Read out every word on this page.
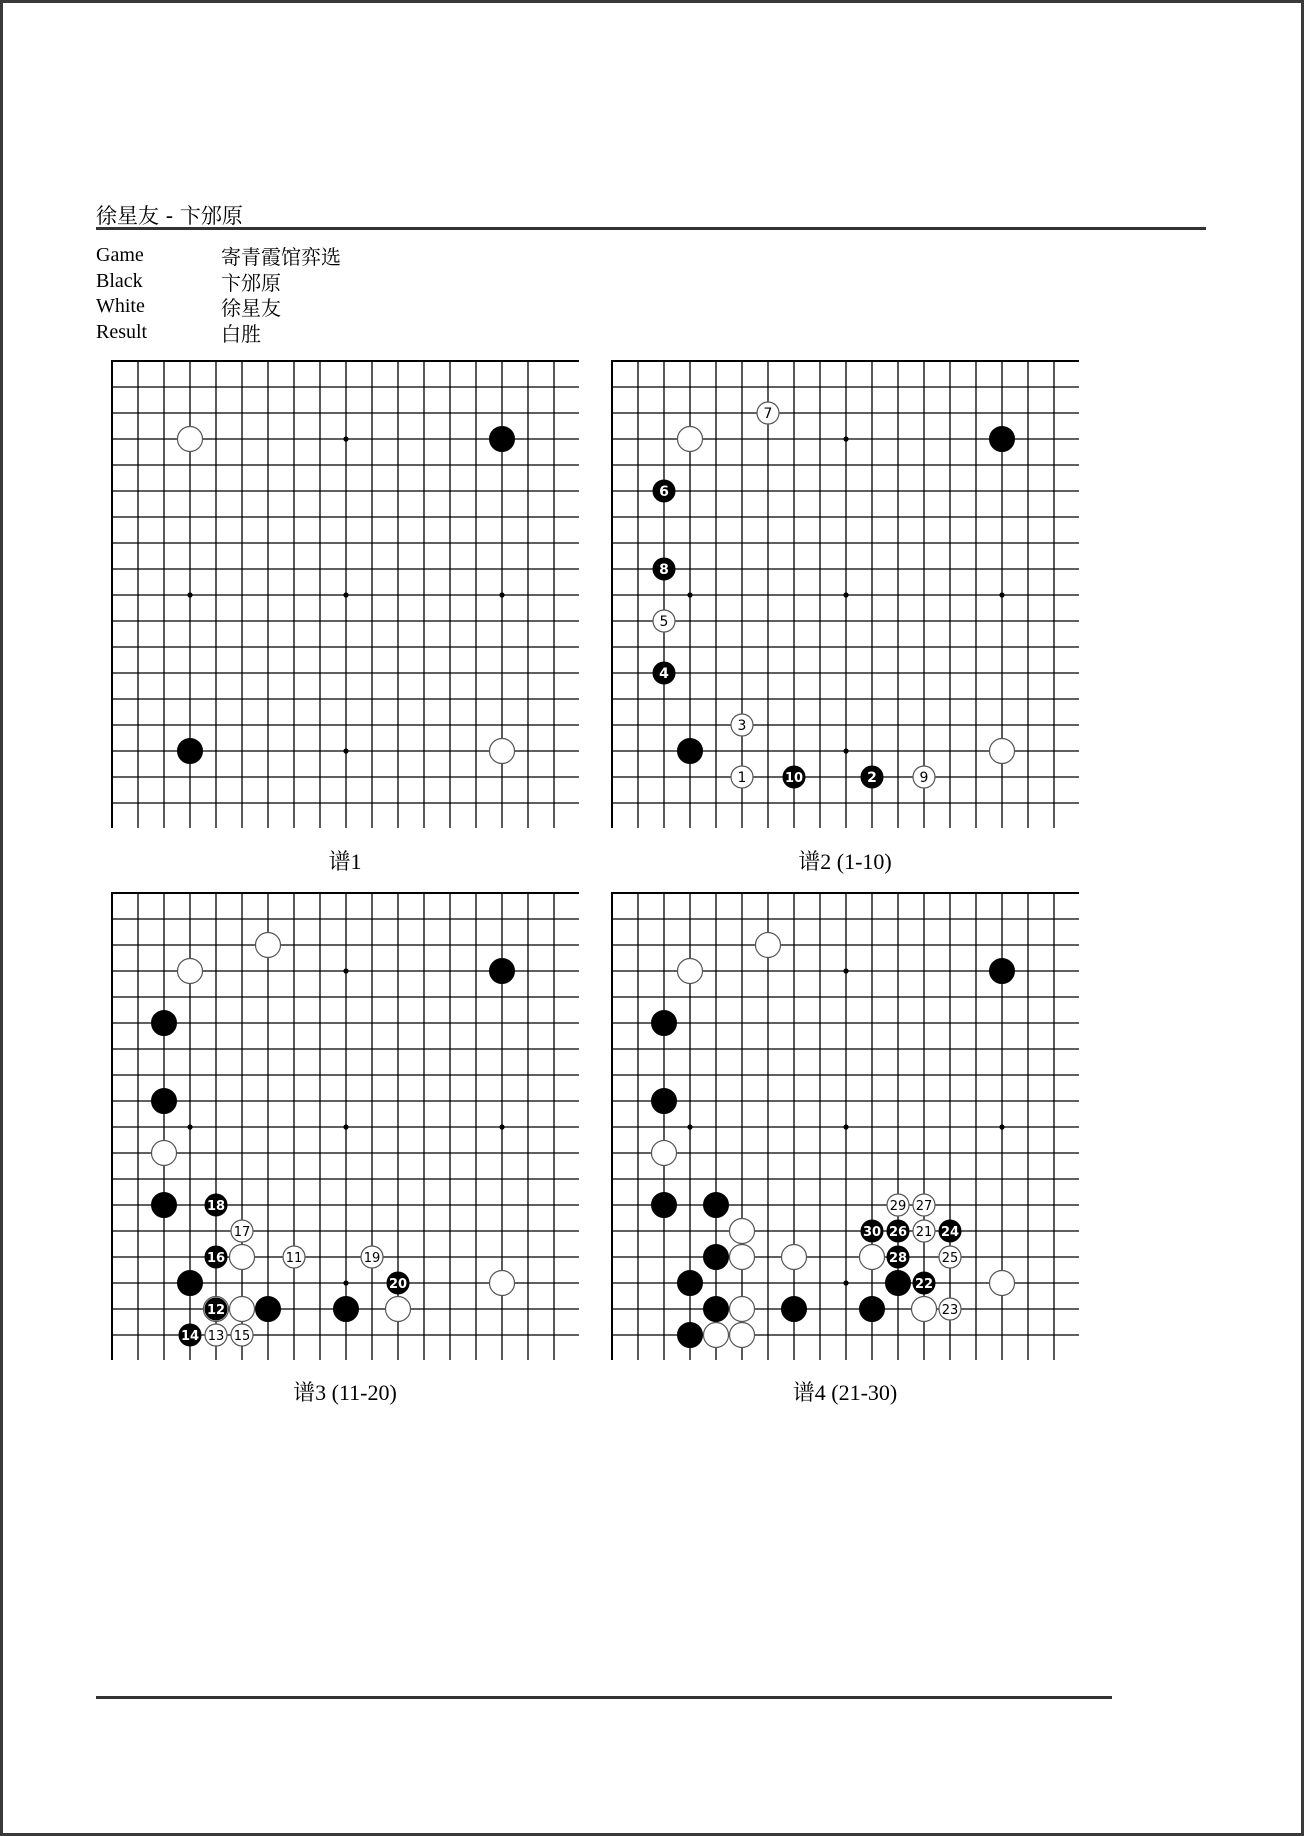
徐星友 - 卞邠原
Game	寄青霞馆弈选
Black	卞邠原
White	徐星友
Result	白胜
谱1
7
6
8
5
4
3
1	10	2	9
谱2 (1-10)
11
12
13
14	15
16
17
18
19
20
谱3 (11-20)
29 27
30 26 21 24
28	25
22
23
谱4 (21-30)
